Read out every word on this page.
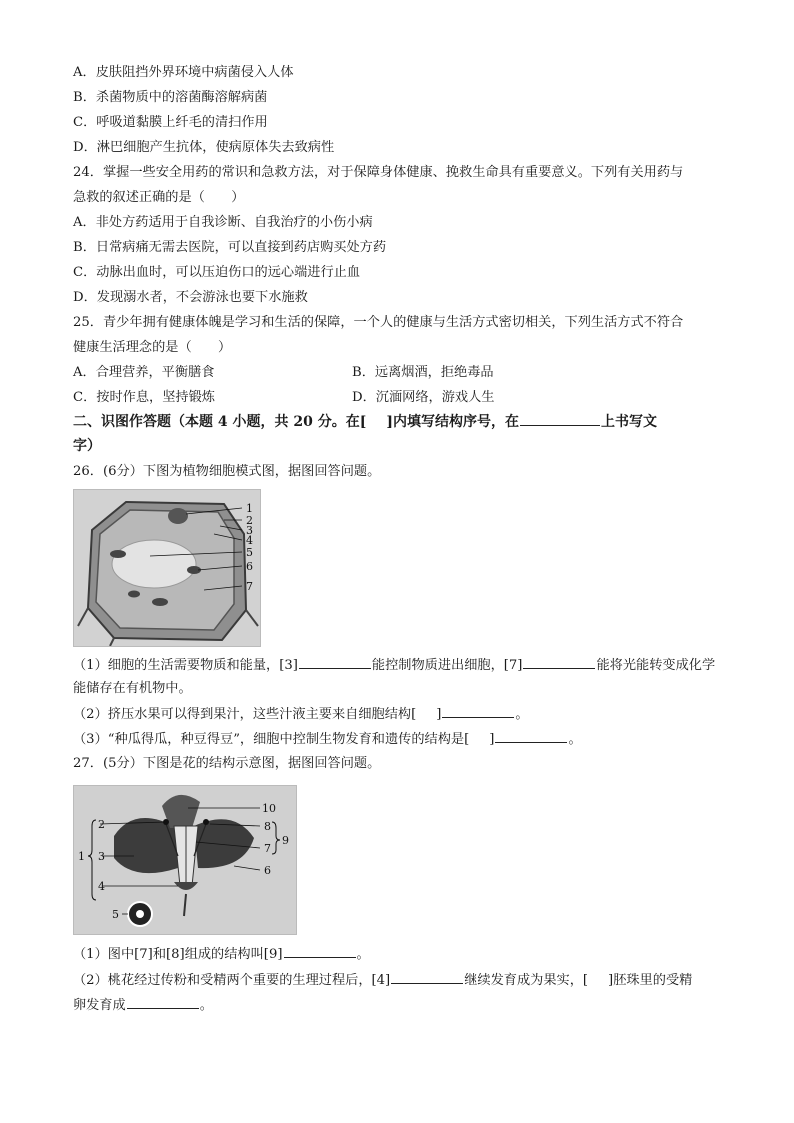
A．皮肤阻挡外界环境中病菌侵入人体
B．杀菌物质中的溶菌酶溶解病菌
C．呼吸道黏膜上纤毛的清扫作用
D．淋巴细胞产生抗体，使病原体失去致病性
24．掌握一些安全用药的常识和急救方法，对于保障身体健康、挽救生命具有重要意义。下列有关用药与
急救的叙述正确的是（　　）
A．非处方药适用于自我诊断、自我治疗的小伤小病
B．日常病痛无需去医院，可以直接到药店购买处方药
C．动脉出血时，可以压迫伤口的远心端进行止血
D．发现溺水者，不会游泳也要下水施救
25．青少年拥有健康体魄是学习和生活的保障，一个人的健康与生活方式密切相关，下列生活方式不符合
健康生活理念的是（　　）
A．合理营养，平衡膳食	B．远离烟酒，拒绝毒品
C．按时作息，坚持锻炼	D．沉湎网络，游戏人生
二、识图作答题（本题 4 小题，共 20 分。在[ ]内填写结构序号，在	上书写文
字）
26．(6分）下图为植物细胞模式图，据图回答问题。
1
2
3
4
5
6
7
（1）细胞的生活需要物质和能量，[3]	能控制物质进出细胞，[7]	能将光能转变成化学
能储存在有机物中。
（2）挤压水果可以得到果汁，这些汁液主要来自细胞结构[ ]	。
（3）“种瓜得瓜，种豆得豆”，细胞中控制生物发育和遗传的结构是[ ]	。
27．(5分）下图是花的结构示意图，据图回答问题。
10
8
9
7
6
2
1 3
4
5
（1）图中[7]和[8]组成的结构叫[9]	。
（2）桃花经过传粉和受精两个重要的生理过程后，[4]	继续发育成为果实，[ ]胚珠里的受精
卵发育成	。
